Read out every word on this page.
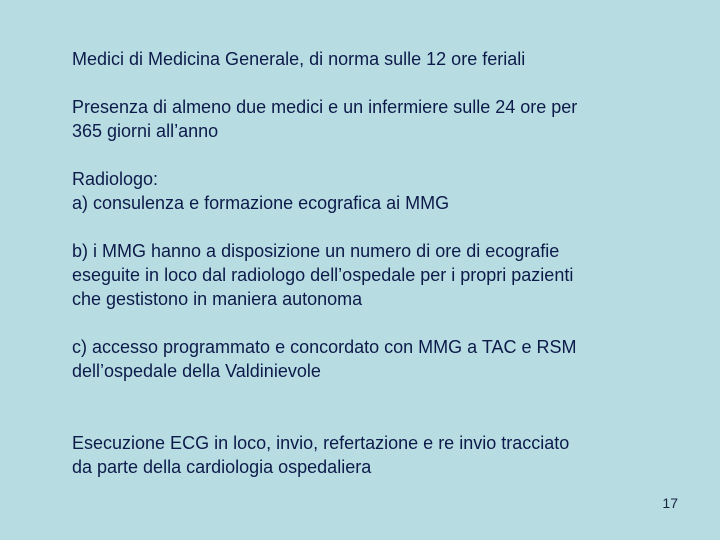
Medici di Medicina Generale, di norma sulle 12 ore feriali

Presenza di almeno due medici e un infermiere sulle 24 ore per
365 giorni all’anno

Radiologo:
a) consulenza e formazione ecografica ai MMG

b) i MMG hanno a disposizione un numero di ore di ecografie
eseguite in loco dal radiologo dell’ospedale per i propri pazienti
che gestistono in maniera autonoma

c) accesso programmato e concordato con MMG a TAC e RSM
dell’ospedale della Valdinievole

Esecuzione ECG in loco, invio, refertazione e re invio tracciato
da parte della cardiologia ospedaliera

17
